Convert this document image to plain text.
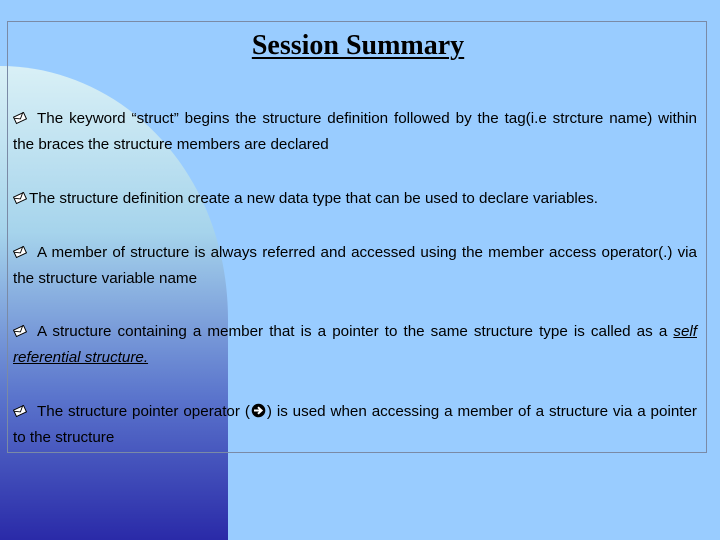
Session Summary
The keyword “struct” begins the structure definition followed by the tag(i.e strcture name) within the braces the structure members are declared
The structure definition create a new data type that can be used to declare variables.
A member of structure is always referred and accessed using the member access operator(.) via the structure variable name
A structure containing a member that is a pointer to the same structure type is called as a self referential structure.
The structure pointer operator ( ) is used when accessing a member of a structure via a pointer to the structure
